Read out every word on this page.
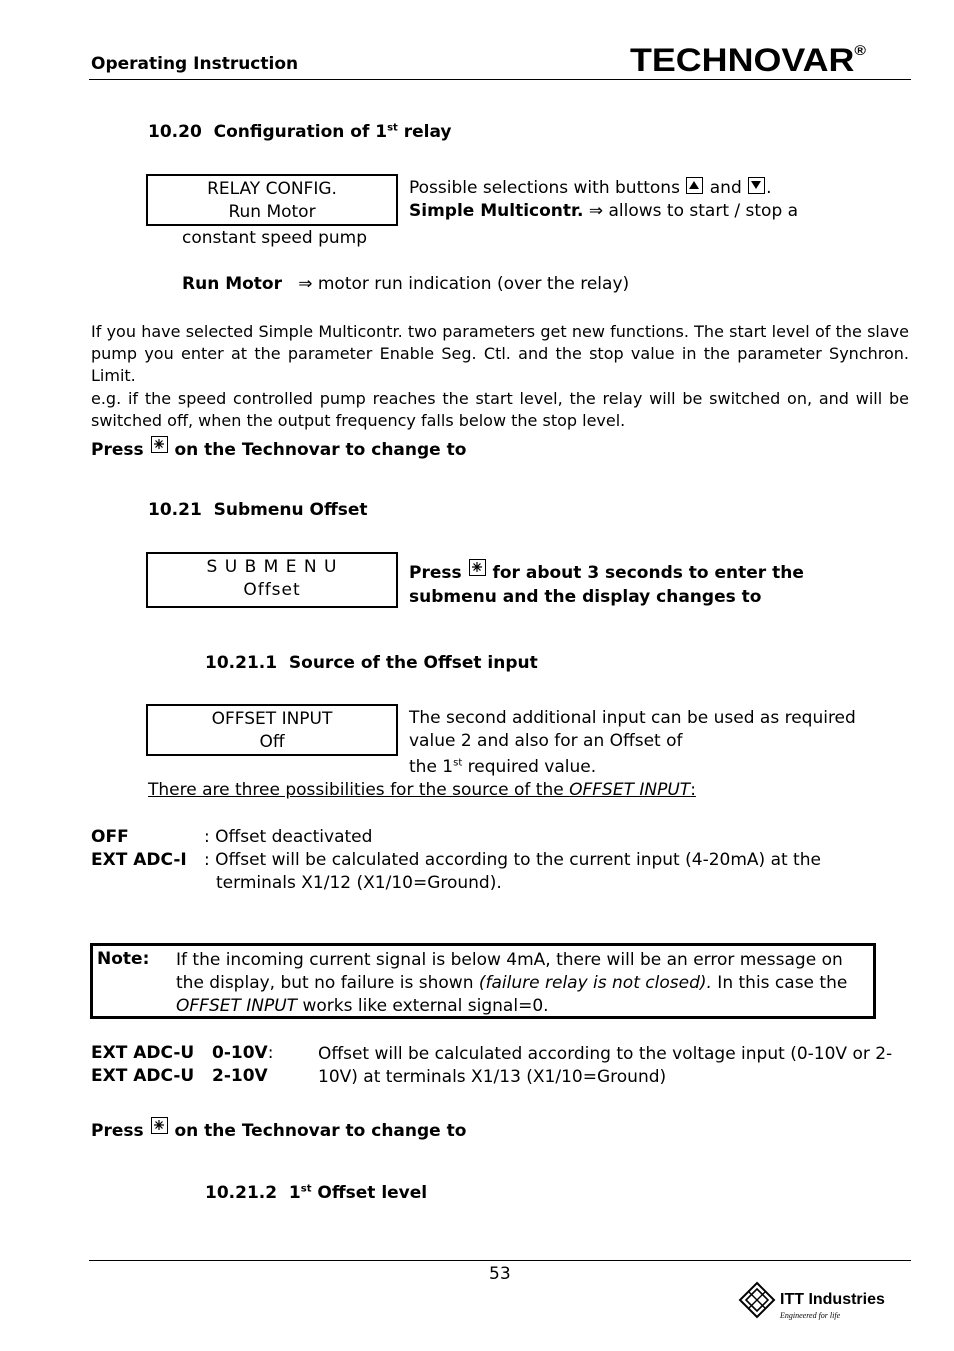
Operating Instruction	TECHNOVAR®
10.20 Configuration of 1st relay
RELAY CONFIG.
Run Motor
Possible selections with buttons and .
Simple Multicontr. ⇒ allows to start / stop a
constant speed pump
Run Motor ⇒ motor run indication (over the relay)
If you have selected Simple Multicontr. two parameters get new functions. The start level of the slave pump you enter at the parameter Enable Seg. Ctl. and the stop value in the parameter Synchron. Limit.
e.g. if the speed controlled pump reaches the start level, the relay will be switched on, and will be switched off, when the output frequency falls below the stop level.
Press on the Technovar to change to
10.21 Submenu Offset
S U B M E N U
Offset
Press for about 3 seconds to enter the
submenu and the display changes to
10.21.1 Source of the Offset input
OFFSET INPUT
Off
The second additional input can be used as required
value 2 and also for an Offset of
the 1st required value.
There are three possibilities for the source of the OFFSET INPUT:
OFF	: Offset deactivated
EXT ADC-I : Offset will be calculated according to the current input (4-20mA) at the
terminals X1/12 (X1/10=Ground).
Note: If the incoming current signal is below 4mA, there will be an error message on
the display, but no failure is shown (failure relay is not closed). In this case the
OFFSET INPUT works like external signal=0.
EXT ADC-U 0-10V:
EXT ADC-U 2-10V
Offset will be calculated according to the voltage input (0-10V or 2-
10V) at terminals X1/13 (X1/10=Ground)
Press on the Technovar to change to
10.21.2 1st Offset level
53
ITT Industries
Engineered for life
